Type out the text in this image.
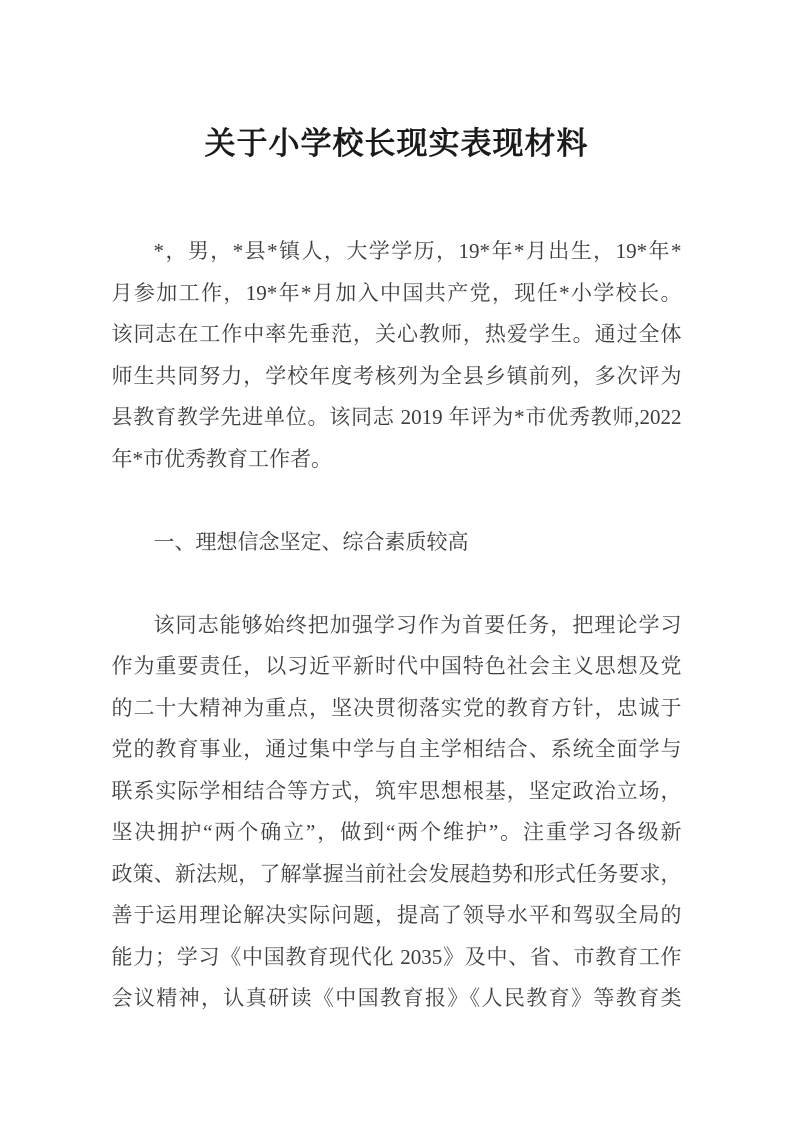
关于小学校长现实表现材料
*，男，*县*镇人，大学学历，19*年*月出生，19*年*
月参加工作，19*年*月加入中国共产党，现任*小学校长。
该同志在工作中率先垂范，关心教师，热爱学生。通过全体
师生共同努力，学校年度考核列为全县乡镇前列，多次评为
县教育教学先进单位。该同志 2019 年评为*市优秀教师,2022
年*市优秀教育工作者。
一、理想信念坚定、综合素质较高
该同志能够始终把加强学习作为首要任务，把理论学习
作为重要责任，以习近平新时代中国特色社会主义思想及党
的二十大精神为重点，坚决贯彻落实党的教育方针，忠诚于
党的教育事业，通过集中学与自主学相结合、系统全面学与
联系实际学相结合等方式，筑牢思想根基，坚定政治立场，
坚决拥护“两个确立”，做到“两个维护”。注重学习各级新
政策、新法规，了解掌握当前社会发展趋势和形式任务要求，
善于运用理论解决实际问题，提高了领导水平和驾驭全局的
能力；学习《中国教育现代化 2035》及中、省、市教育工作
会议精神，认真研读《中国教育报》《人民教育》等教育类
